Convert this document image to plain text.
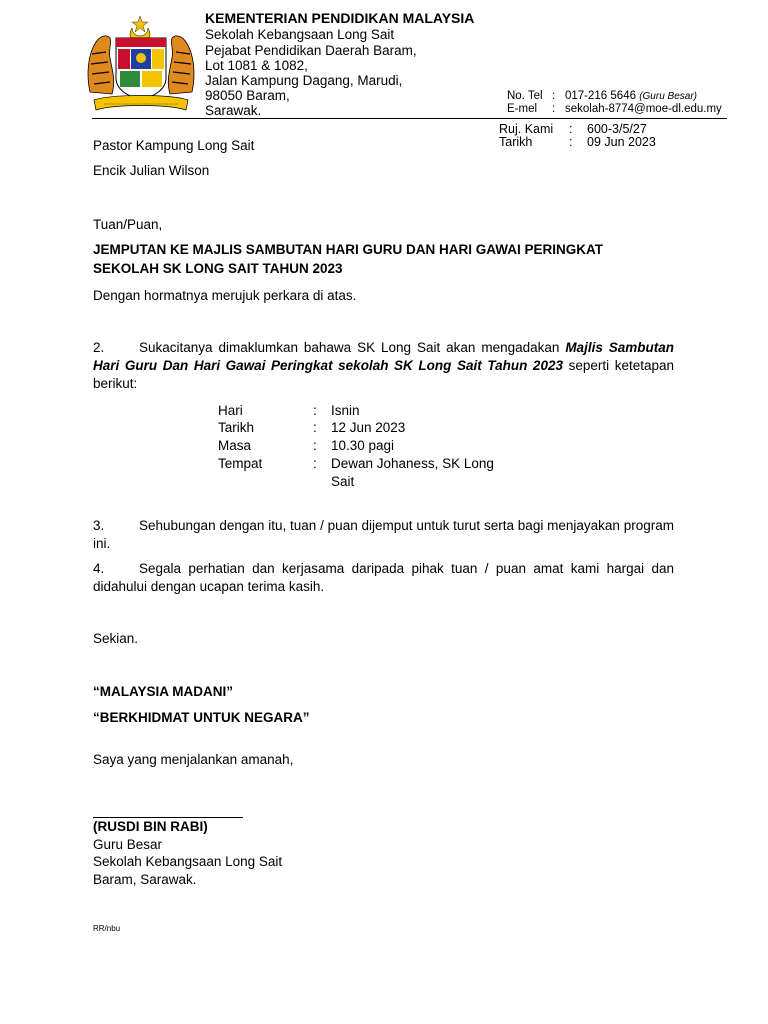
KEMENTERIAN PENDIDIKAN MALAYSIA
Sekolah Kebangsaan Long Sait
Pejabat Pendidikan Daerah Baram,
Lot 1081 & 1082,
Jalan Kampung Dagang, Marudi,
98050 Baram,
Sarawak.
No. Tel : 017-216 5646 (Guru Besar)
E-mel : sekolah-8774@moe-dl.edu.my
Ruj. Kami : 600-3/5/27
Tarikh	: 09 Jun 2023
Pastor Kampung Long Sait
Encik Julian Wilson
Tuan/Puan,
JEMPUTAN KE MAJLIS SAMBUTAN HARI GURU DAN HARI GAWAI PERINGKAT
SEKOLAH SK LONG SAIT TAHUN 2023
Dengan hormatnya merujuk perkara di atas.
2.	Sukacitanya dimaklumkan bahawa SK Long Sait akan mengadakan Majlis Sambutan Hari Guru Dan Hari Gawai Peringkat sekolah SK Long Sait Tahun 2023 seperti ketetapan berikut:
Hari	: Isnin
Tarikh	: 12 Jun 2023
Masa	: 10.30 pagi
Tempat	: Dewan Johaness, SK Long
Sait
3.	Sehubungan dengan itu, tuan / puan dijemput untuk turut serta bagi menjayakan program ini.
4.	Segala perhatian dan kerjasama daripada pihak tuan / puan amat kami hargai dan didahului dengan ucapan terima kasih.
Sekian.
“MALAYSIA MADANI”
“BERKHIDMAT UNTUK NEGARA”
Saya yang menjalankan amanah,
(RUSDI BIN RABI)
Guru Besar
Sekolah Kebangsaan Long Sait
Baram, Sarawak.
RR/nbu
